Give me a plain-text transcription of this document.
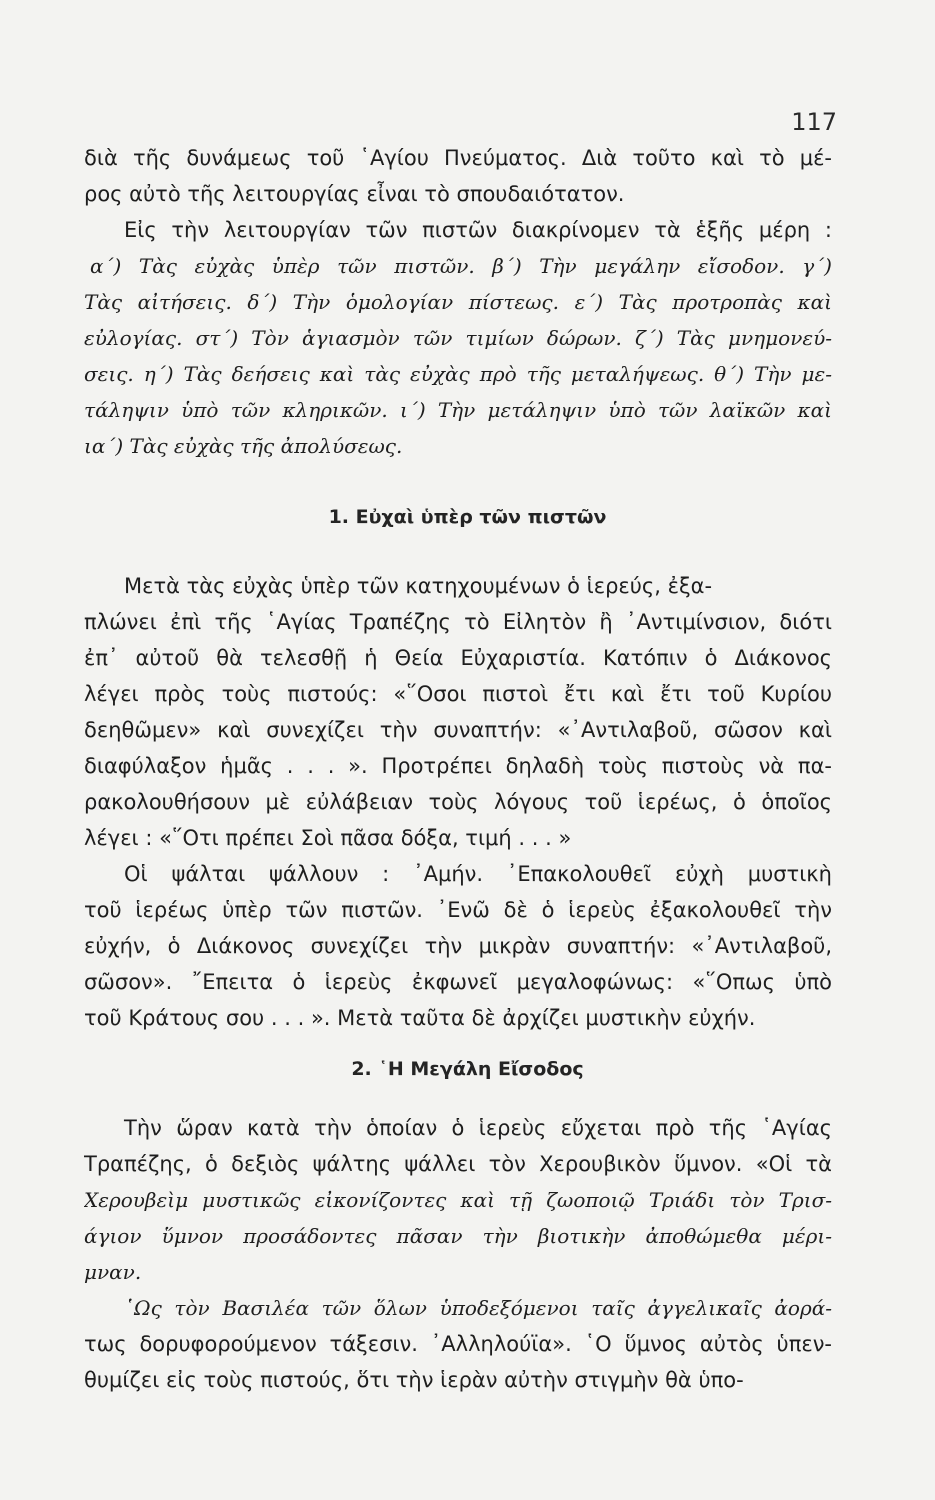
117
διὰ τῆς δυνάμεως τοῦ ῾Αγίου Πνεύματος. Διὰ τοῦτο καὶ τὸ μέ-
ρος αὐτὸ τῆς λειτουργίας εἶναι τὸ σπουδαιότατον.
Εἰς τὴν λειτουργίαν τῶν πιστῶν διακρίνομεν τὰ ἑξῆς μέρη :
α΄) Τὰς εὐχὰς ὑπὲρ τῶν πιστῶν. β΄) Τὴν μεγάλην εἴσοδον. γ΄)
Τὰς αἰτήσεις. δ΄) Τὴν ὁμολογίαν πίστεως. ε΄) Τὰς προτροπὰς καὶ
εὐλογίας. στ΄) Τὸν ἁγιασμὸν τῶν τιμίων δώρων. ζ΄) Τὰς μνημονεύ-
σεις. η΄) Τὰς δεήσεις καὶ τὰς εὐχὰς πρὸ τῆς μεταλήψεως. θ΄) Τὴν με-
τάληψιν ὑπὸ τῶν κληρικῶν. ι΄) Τὴν μετάληψιν ὑπὸ τῶν λαϊκῶν καὶ
ια΄) Τὰς εὐχὰς τῆς ἀπολύσεως.
1. Εὐχαὶ ὑπὲρ τῶν πιστῶν
Μετὰ τὰς εὐχὰς ὑπὲρ τῶν κατηχουμένων ὁ ἱερεύς, ἐξα-
πλώνει ἐπὶ τῆς ῾Αγίας Τραπέζης τὸ Εἰλητὸν ἢ ᾿Αντιμίνσιον, διότι
ἐπ᾿ αὐτοῦ θὰ τελεσθῇ ἡ Θεία Εὐχαριστία. Κατόπιν ὁ Διάκονος
λέγει πρὸς τοὺς πιστούς: «῞Οσοι πιστοὶ ἔτι καὶ ἔτι τοῦ Κυρίου
δεηθῶμεν» καὶ συνεχίζει τὴν συναπτήν: «᾿Αντιλαβοῦ, σῶσον καὶ
διαφύλαξον ἡμᾶς . . . ». Προτρέπει δηλαδὴ τοὺς πιστοὺς νὰ πα-
ρακολουθήσουν μὲ εὐλάβειαν τοὺς λόγους τοῦ ἱερέως, ὁ ὁποῖος
λέγει : «῞Οτι πρέπει Σοὶ πᾶσα δόξα, τιμή . . . »
Οἱ ψάλται ψάλλουν : ᾿Αμήν. ᾿Επακολουθεῖ εὐχὴ μυστικὴ
τοῦ ἱερέως ὑπὲρ τῶν πιστῶν. ᾿Ενῶ δὲ ὁ ἱερεὺς ἐξακολουθεῖ τὴν
εὐχήν, ὁ Διάκονος συνεχίζει τὴν μικρὰν συναπτήν: «᾿Αντιλαβοῦ,
σῶσον». ῎Επειτα ὁ ἱερεὺς ἐκφωνεῖ μεγαλοφώνως: «῞Οπως ὑπὸ
τοῦ Κράτους σου . . . ». Μετὰ ταῦτα δὲ ἀρχίζει μυστικὴν εὐχήν.
2. ῾Η Μεγάλη Εἴσοδος
Τὴν ὥραν κατὰ τὴν ὁποίαν ὁ ἱερεὺς εὔχεται πρὸ τῆς ῾Αγίας
Τραπέζης, ὁ δεξιὸς ψάλτης ψάλλει τὸν Χερουβικὸν ὕμνον. «Οἱ τὰ
Χερουβεὶμ μυστικῶς εἰκονίζοντες καὶ τῇ ζωοποιῷ Τριάδι τὸν Τρισ-
άγιον ὕμνον προσάδοντες πᾶσαν τὴν βιοτικὴν ἀποθώμεθα μέρι-
μναν.
῾Ως τὸν Βασιλέα τῶν ὅλων ὑποδεξόμενοι ταῖς ἀγγελικαῖς ἀορά-
τως δορυφορούμενον τάξεσιν. ᾿Αλληλούϊα». ῾Ο ὕμνος αὐτὸς ὑπεν-
θυμίζει εἰς τοὺς πιστούς, ὅτι τὴν ἱερὰν αὐτὴν στιγμὴν θὰ ὑπο-
